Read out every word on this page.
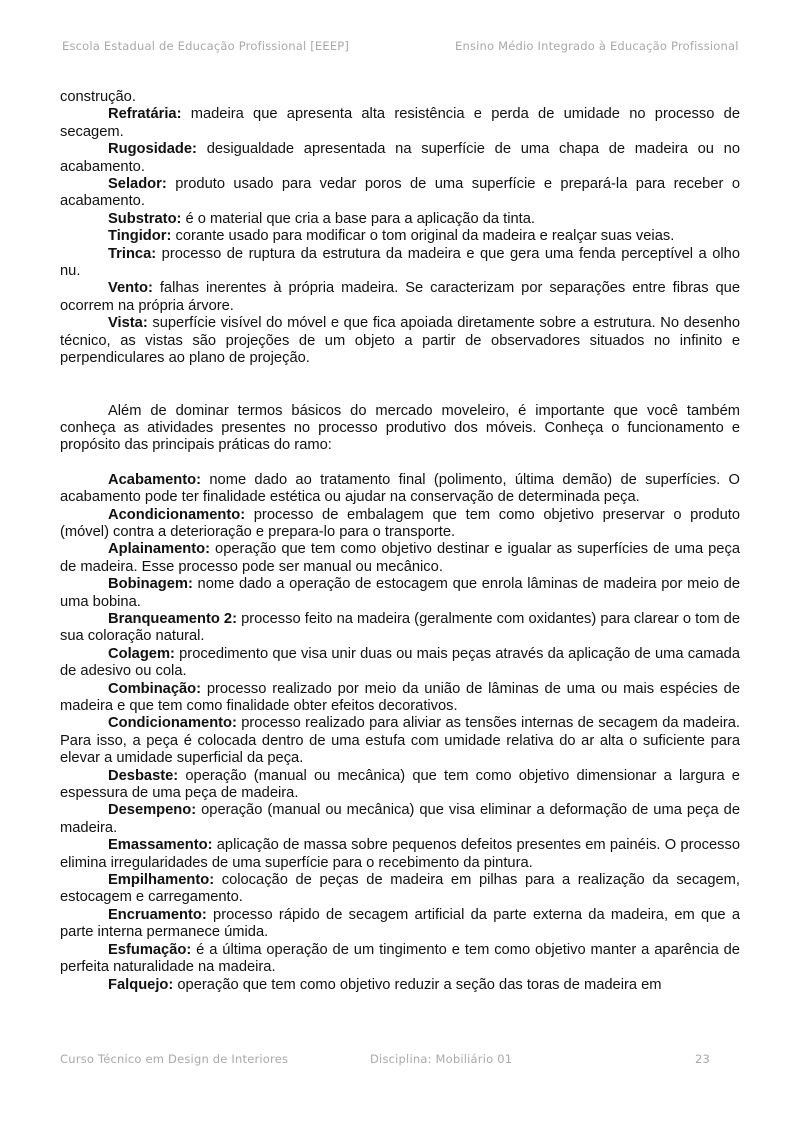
Escola Estadual de Educação Profissional [EEEP]	Ensino Médio Integrado à Educação Profissional

construção.

Refratária: madeira que apresenta alta resistência e perda de umidade no processo de secagem.

Rugosidade: desigualdade apresentada na superfície de uma chapa de madeira ou no acabamento.

Selador: produto usado para vedar poros de uma superfície e prepará-la para receber o acabamento.

Substrato: é o material que cria a base para a aplicação da tinta.

Tingidor: corante usado para modificar o tom original da madeira e realçar suas veias.

Trinca: processo de ruptura da estrutura da madeira e que gera uma fenda perceptível a olho nu.

Vento: falhas inerentes à própria madeira. Se caracterizam por separações entre fibras que ocorrem na própria árvore.

Vista: superfície visível do móvel e que fica apoiada diretamente sobre a estrutura. No desenho técnico, as vistas são projeções de um objeto a partir de observadores situados no infinito e perpendiculares ao plano de projeção.

Além de dominar termos básicos do mercado moveleiro, é importante que você também conheça as atividades presentes no processo produtivo dos móveis. Conheça o funcionamento e propósito das principais práticas do ramo:

Acabamento: nome dado ao tratamento final (polimento, última demão) de superfícies. O acabamento pode ter finalidade estética ou ajudar na conservação de determinada peça.

Acondicionamento: processo de embalagem que tem como objetivo preservar o produto (móvel) contra a deterioração e prepara-lo para o transporte.

Aplainamento: operação que tem como objetivo destinar e igualar as superfícies de uma peça de madeira. Esse processo pode ser manual ou mecânico.

Bobinagem: nome dado a operação de estocagem que enrola lâminas de madeira por meio de uma bobina.

Branqueamento 2: processo feito na madeira (geralmente com oxidantes) para clarear o tom de sua coloração natural.

Colagem: procedimento que visa unir duas ou mais peças através da aplicação de uma camada de adesivo ou cola.

Combinação: processo realizado por meio da união de lâminas de uma ou mais espécies de madeira e que tem como finalidade obter efeitos decorativos.

Condicionamento: processo realizado para aliviar as tensões internas de secagem da madeira. Para isso, a peça é colocada dentro de uma estufa com umidade relativa do ar alta o suficiente para elevar a umidade superficial da peça.

Desbaste: operação (manual ou mecânica) que tem como objetivo dimensionar a largura e espessura de uma peça de madeira.

Desempeno: operação (manual ou mecânica) que visa eliminar a deformação de uma peça de madeira.

Emassamento: aplicação de massa sobre pequenos defeitos presentes em painéis. O processo elimina irregularidades de uma superfície para o recebimento da pintura.

Empilhamento: colocação de peças de madeira em pilhas para a realização da secagem, estocagem e carregamento.

Encruamento: processo rápido de secagem artificial da parte externa da madeira, em que a parte interna permanece úmida.

Esfumação: é a última operação de um tingimento e tem como objetivo manter a aparência de perfeita naturalidade na madeira.

Falquejo: operação que tem como objetivo reduzir a seção das toras de madeira em

Curso Técnico em Design de Interiores	Disciplina: Mobiliário 01	23
